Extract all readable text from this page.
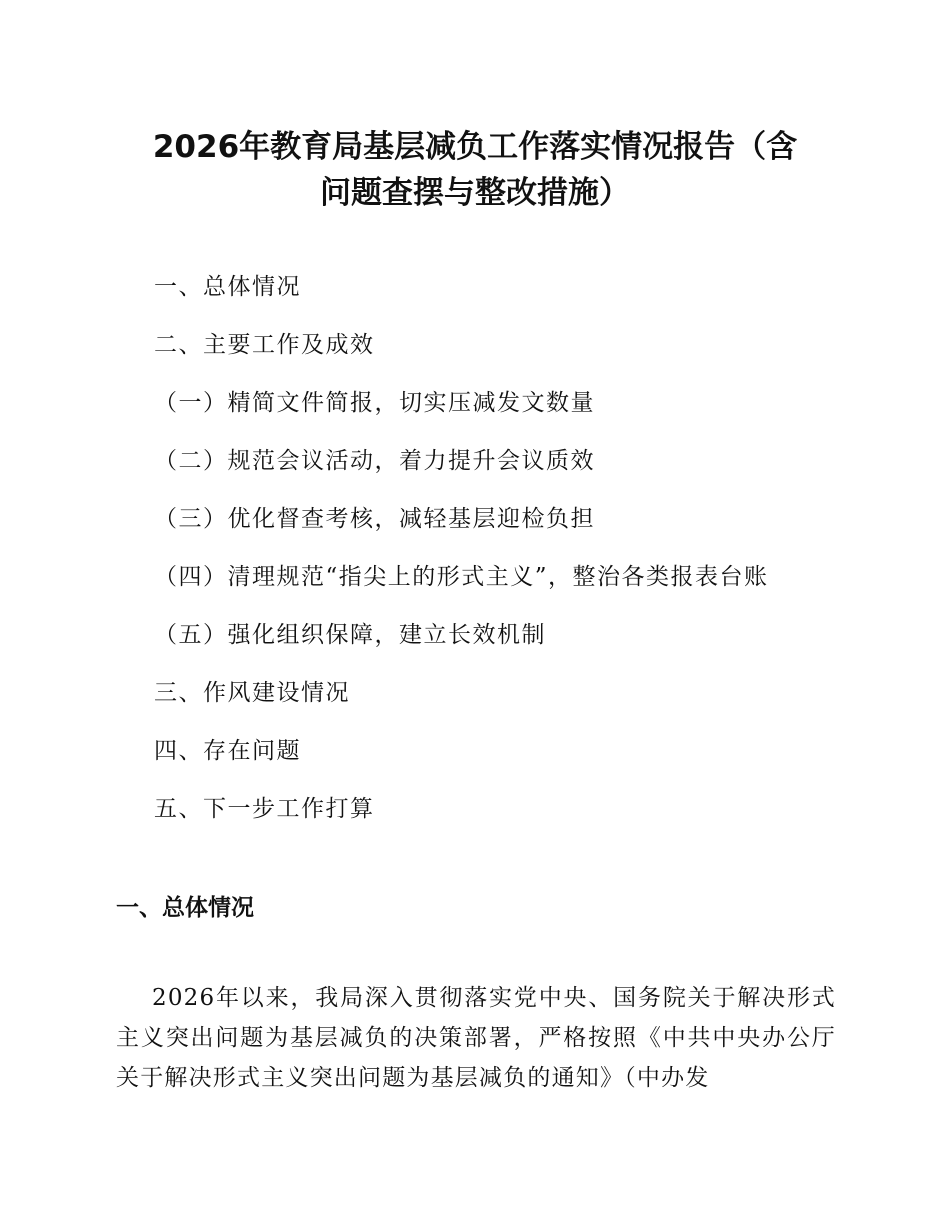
2026年教育局基层减负工作落实情况报告（含
问题查摆与整改措施）
一、总体情况
二、主要工作及成效
（一）精简文件简报，切实压减发文数量
（二）规范会议活动，着力提升会议质效
（三）优化督查考核，减轻基层迎检负担
（四）清理规范“指尖上的形式主义”，整治各类报表台账
（五）强化组织保障，建立长效机制
三、作风建设情况
四、存在问题
五、下一步工作打算
一、总体情况

2026年以来，我局深入贯彻落实党中央、国务院关于解决形式主义突出问题为基层减负的决策部署，严格按照《中共中央办公厅关于解决形式主义突出问题为基层减负的通知》（中办发
